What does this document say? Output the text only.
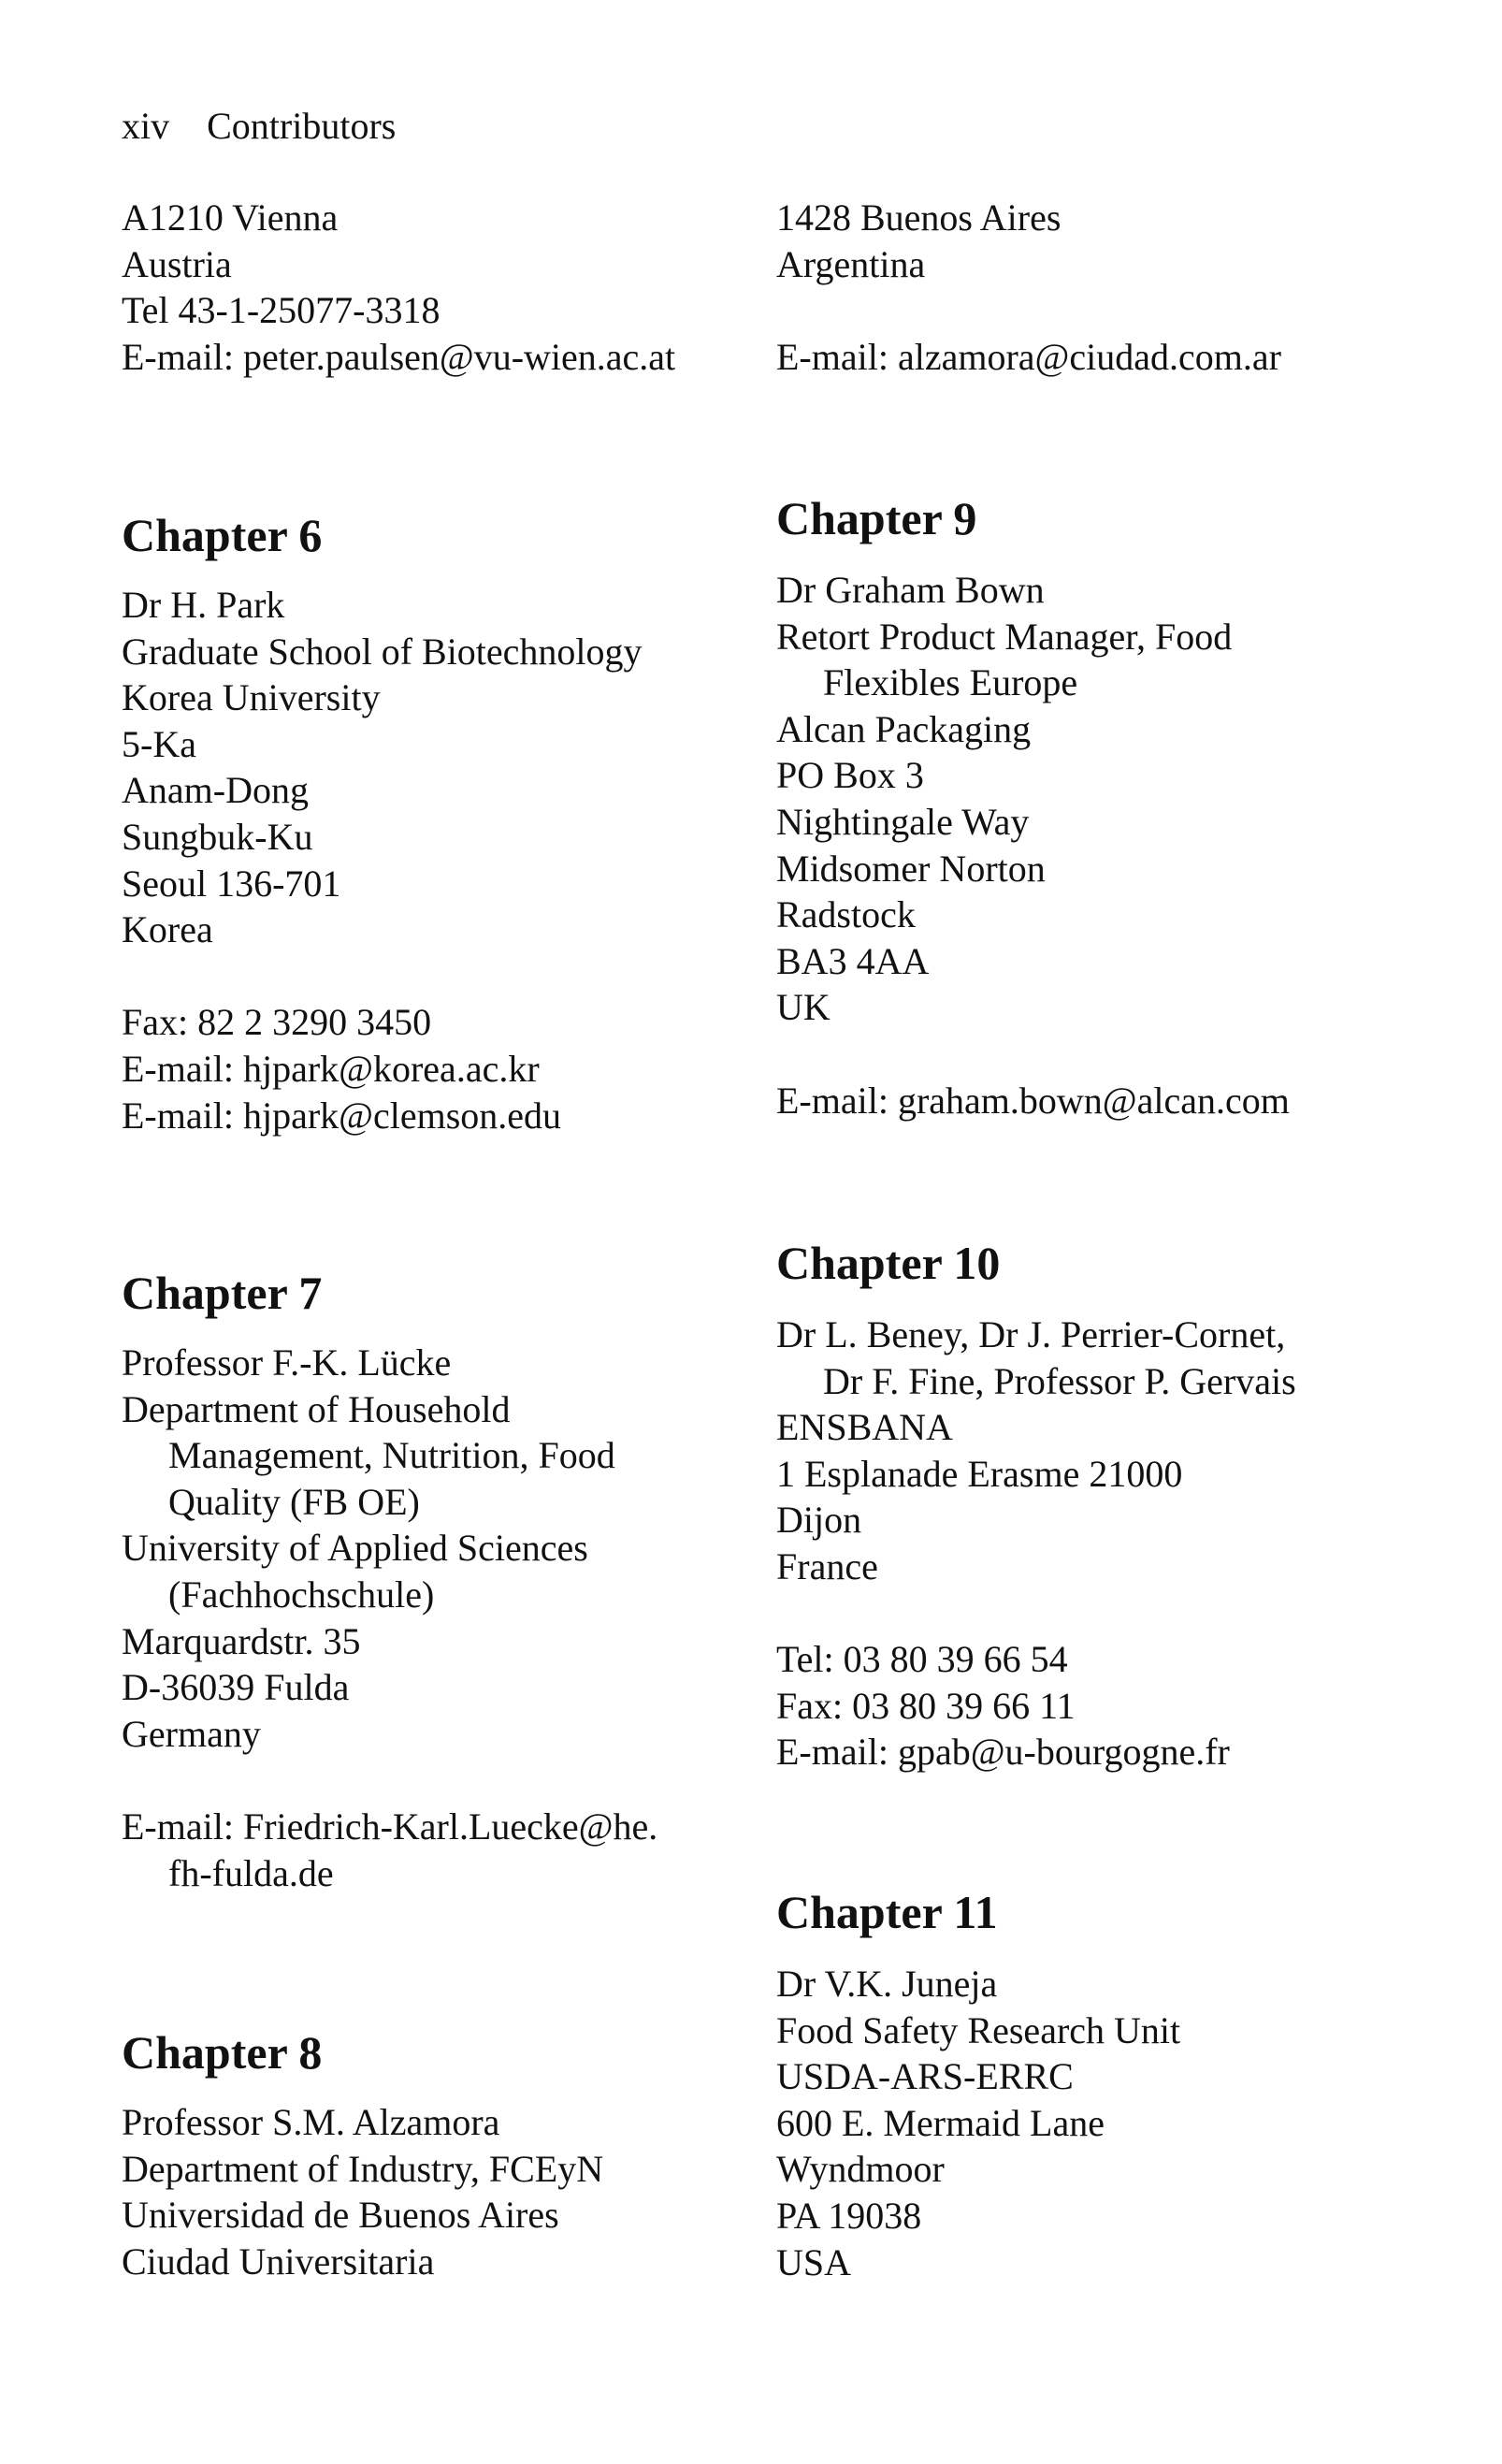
xiv Contributors
A1210 Vienna
Austria
Tel 43-1-25077-3318
E-mail: peter.paulsen@vu-wien.ac.at
Chapter 6
Dr H. Park
Graduate School of Biotechnology
Korea University
5-Ka
Anam-Dong
Sungbuk-Ku
Seoul 136-701
Korea
Fax: 82 2 3290 3450
E-mail: hjpark@korea.ac.kr
E-mail: hjpark@clemson.edu
Chapter 7
Professor F.-K. Lücke
Department of Household
Management, Nutrition, Food
Quality (FB OE)
University of Applied Sciences
(Fachhochschule)
Marquardstr. 35
D-36039 Fulda
Germany
E-mail: Friedrich-Karl.Luecke@he.
fh-fulda.de
Chapter 8
Professor S.M. Alzamora
Department of Industry, FCEyN
Universidad de Buenos Aires
Ciudad Universitaria
1428 Buenos Aires
Argentina
E-mail: alzamora@ciudad.com.ar
Chapter 9
Dr Graham Bown
Retort Product Manager, Food
Flexibles Europe
Alcan Packaging
PO Box 3
Nightingale Way
Midsomer Norton
Radstock
BA3 4AA
UK
E-mail: graham.bown@alcan.com
Chapter 10
Dr L. Beney, Dr J. Perrier-Cornet,
Dr F. Fine, Professor P. Gervais
ENSBANA
1 Esplanade Erasme 21000
Dijon
France
Tel: 03 80 39 66 54
Fax: 03 80 39 66 11
E-mail: gpab@u-bourgogne.fr
Chapter 11
Dr V.K. Juneja
Food Safety Research Unit
USDA-ARS-ERRC
600 E. Mermaid Lane
Wyndmoor
PA 19038
USA
